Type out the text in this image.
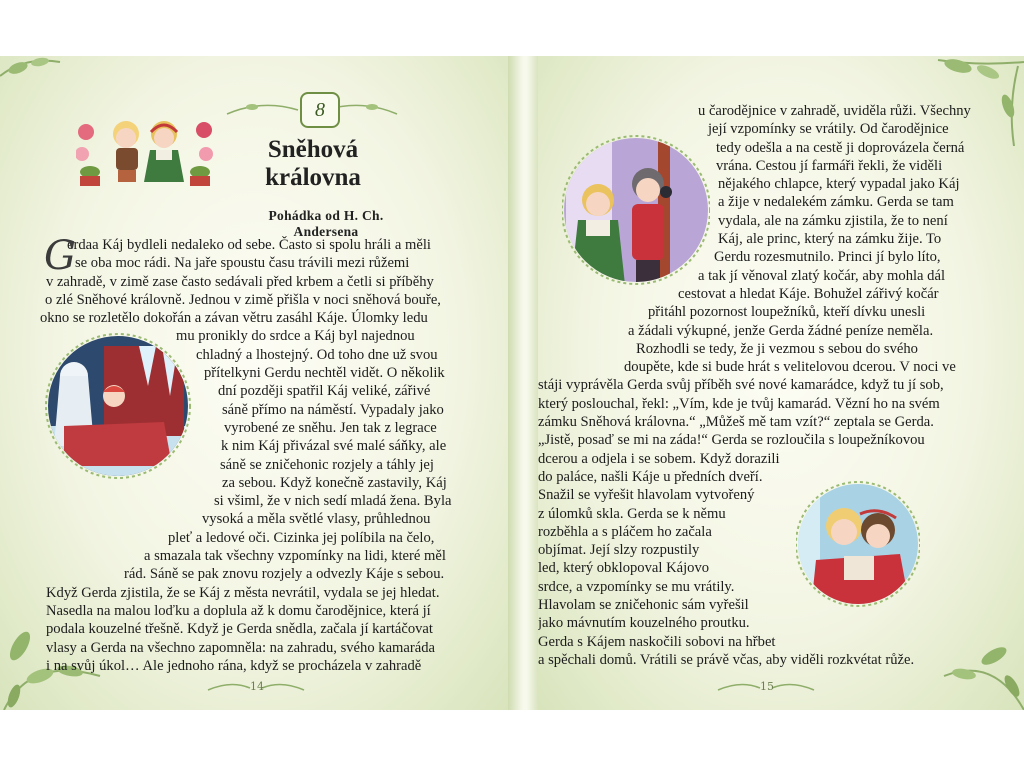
8
Sněhová
královna
Pohádka od H. Ch. Andersena
G
erdaa Káj bydleli nedaleko od sebe. Často si spolu hráli a měli
se oba moc rádi. Na jaře spoustu času trávili mezi růžemi
v zahradě, v zimě zase často sedávali před krbem a četli si příběhy
o zlé Sněhové královně. Jednou v zimě přišla v noci sněhová bouře,
okno se rozletělo dokořán a závan větru zasáhl Káje. Úlomky ledu
mu pronikly do srdce a Káj byl najednou
chladný a lhostejný. Od toho dne už svou
přítelkyni Gerdu nechtěl vidět. O několik
dní později spatřil Káj veliké, zářivé
sáně přímo na náměstí. Vypadaly jako
vyrobené ze sněhu. Jen tak z legrace
k nim Káj přivázal své malé sáňky, ale
sáně se zničehonic rozjely a táhly jej
za sebou. Když konečně zastavily, Káj
si všiml, že v nich sedí mladá žena. Byla
vysoká a měla světlé vlasy, průhlednou
pleť a ledové oči. Cizinka jej políbila na čelo,
a smazala tak všechny vzpomínky na lidi, které měl
rád. Sáně se pak znovu rozjely a odvezly Káje s sebou.
Když Gerda zjistila, že se Káj z města nevrátil, vydala se jej hledat.
Nasedla na malou loďku a doplula až k domu čarodějnice, která jí
podala kouzelné třešně. Když je Gerda snědla, začala jí kartáčovat
vlasy a Gerda na všechno zapomněla: na zahradu, svého kamaráda
i na svůj úkol… Ale jednoho rána, když se procházela v zahradě
14
u čarodějnice v zahradě, uviděla růži. Všechny
její vzpomínky se vrátily. Od čarodějnice
tedy odešla a na cestě ji doprovázela černá
vrána. Cestou jí farmáři řekli, že viděli
nějakého chlapce, který vypadal jako Káj
a žije v nedalekém zámku. Gerda se tam
vydala, ale na zámku zjistila, že to není
Káj, ale princ, který na zámku žije. To
Gerdu rozesmutnilo. Princi jí bylo líto,
a tak jí věnoval zlatý kočár, aby mohla dál
cestovat a hledat Káje. Bohužel zářivý kočár
přitáhl pozornost loupežníků, kteří dívku unesli
a žádali výkupné, jenže Gerda žádné peníze neměla.
Rozhodli se tedy, že ji vezmou s sebou do svého
doupěte, kde si bude hrát s velitelovou dcerou. V noci ve
stáji vyprávěla Gerda svůj příběh své nové kamarádce, když tu jí sob,
který poslouchal, řekl: „Vím, kde je tvůj kamarád. Vězní ho na svém
zámku Sněhová královna.“ „Můžeš mě tam vzít?“ zeptala se Gerda.
„Jistě, posaď se mi na záda!“ Gerda se rozloučila s loupežníkovou
dcerou a odjela i se sobem. Když dorazili
do paláce, našli Káje u předních dveří.
Snažil se vyřešit hlavolam vytvořený
z úlomků skla. Gerda se k němu
rozběhla a s pláčem ho začala
objímat. Její slzy rozpustily
led, který obklopoval Kájovo
srdce, a vzpomínky se mu vrátily.
Hlavolam se zničehonic sám vyřešil
jako mávnutím kouzelného proutku.
Gerda s Kájem naskočili sobovi na hřbet
a spěchali domů. Vrátili se právě včas, aby viděli rozkvétat růže.
15
